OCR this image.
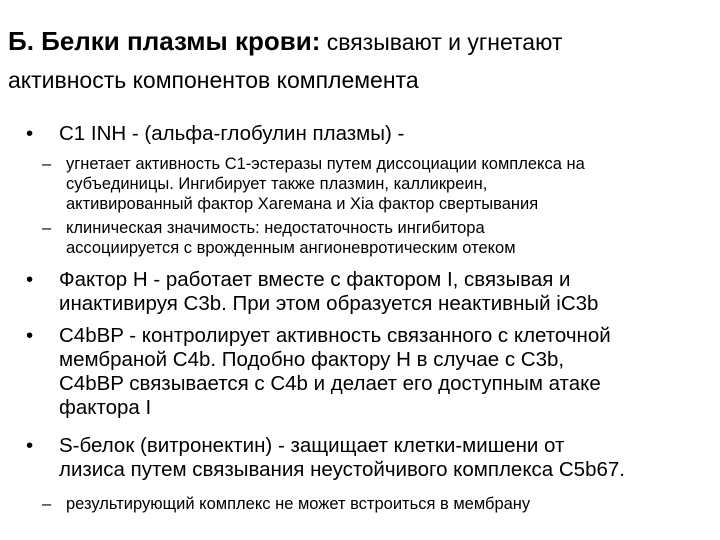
Б. Белки плазмы крови: связывают и угнетают
активность компонентов комплемента
•	С1 INH - (альфа-глобулин плазмы) -
– угнетает активность С1-эстеразы путем диссоциации комплекса на
субъединицы. Ингибирует также плазмин, калликреин,
активированный фактор Хагемана и Xia фактор свертывания
– клиническая значимость: недостаточность ингибитора
ассоциируется с врожденным ангионевротическим отеком
•	Фактор Н - работает вместе с фактором I, связывая и
инактивируя С3b. При этом образуется неактивный iC3b
•	C4bBP - контролирует активность связанного с клеточной
мембраной C4b. Подобно фактору Н в случае с С3b,
C4bBP связывается с С4b и делает его доступным атаке
фактора I
•	S-белок (витронектин) - защищает клетки-мишени от
лизиса путем связывания неустойчивого комплекса С5b67.
– результирующий комплекс не может встроиться в мембрану
